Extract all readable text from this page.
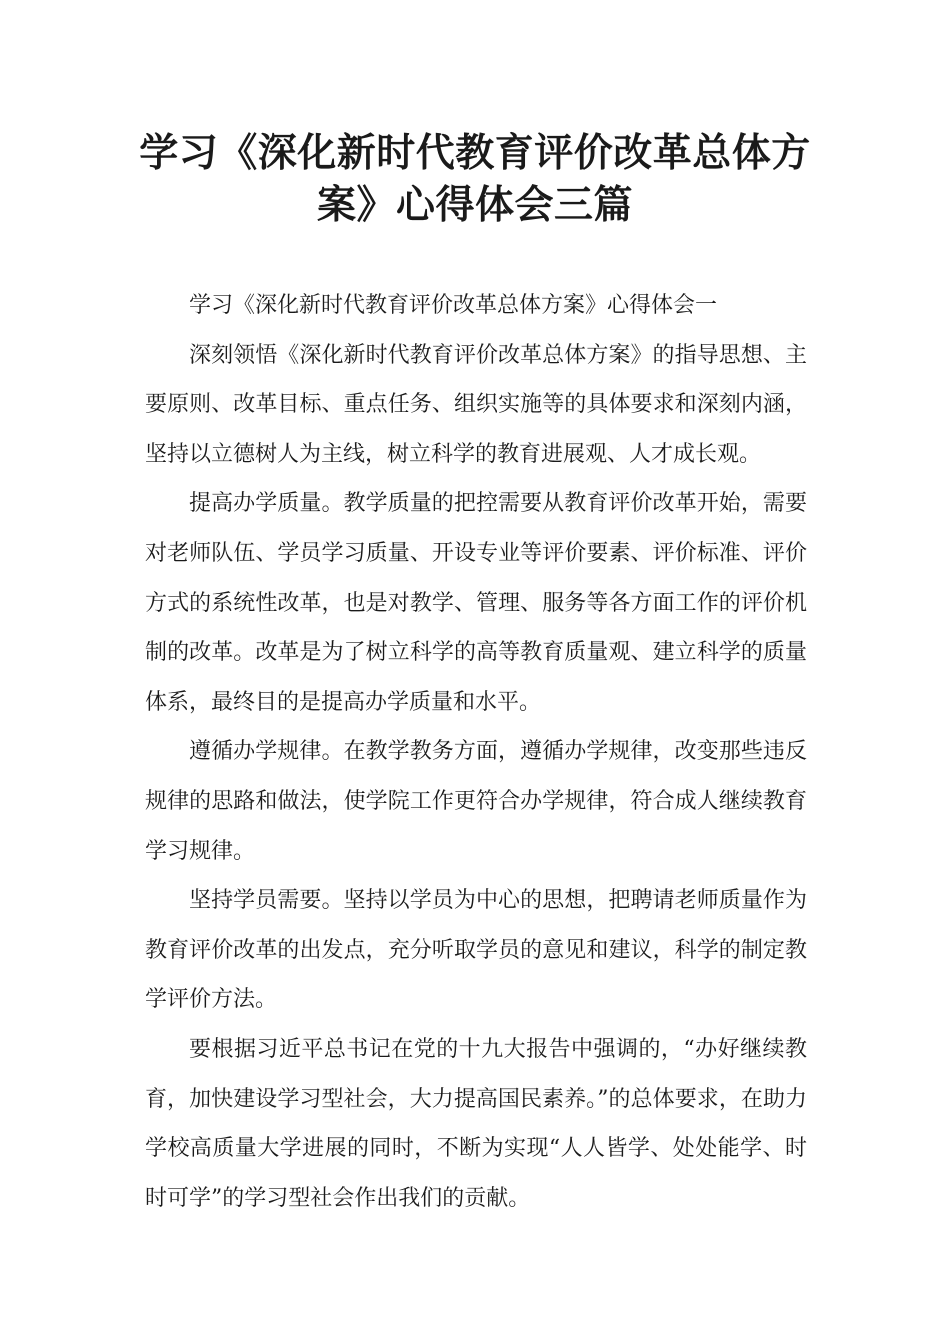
学习《深化新时代教育评价改革总体方案》心得体会三篇

学习《深化新时代教育评价改革总体方案》心得体会一

深刻领悟《深化新时代教育评价改革总体方案》的指导思想、主要原则、改革目标、重点任务、组织实施等的具体要求和深刻内涵，坚持以立德树人为主线，树立科学的教育进展观、人才成长观。

提高办学质量。教学质量的把控需要从教育评价改革开始，需要对老师队伍、学员学习质量、开设专业等评价要素、评价标准、评价方式的系统性改革，也是对教学、管理、服务等各方面工作的评价机制的改革。改革是为了树立科学的高等教育质量观、建立科学的质量体系，最终目的是提高办学质量和水平。

遵循办学规律。在教学教务方面，遵循办学规律，改变那些违反规律的思路和做法，使学院工作更符合办学规律，符合成人继续教育学习规律。

坚持学员需要。坚持以学员为中心的思想，把聘请老师质量作为教育评价改革的出发点，充分听取学员的意见和建议，科学的制定教学评价方法。

要根据习近平总书记在党的十九大报告中强调的，“办好继续教育，加快建设学习型社会，大力提高国民素养。”的总体要求，在助力学校高质量大学进展的同时，不断为实现“人人皆学、处处能学、时时可学”的学习型社会作出我们的贡献。
